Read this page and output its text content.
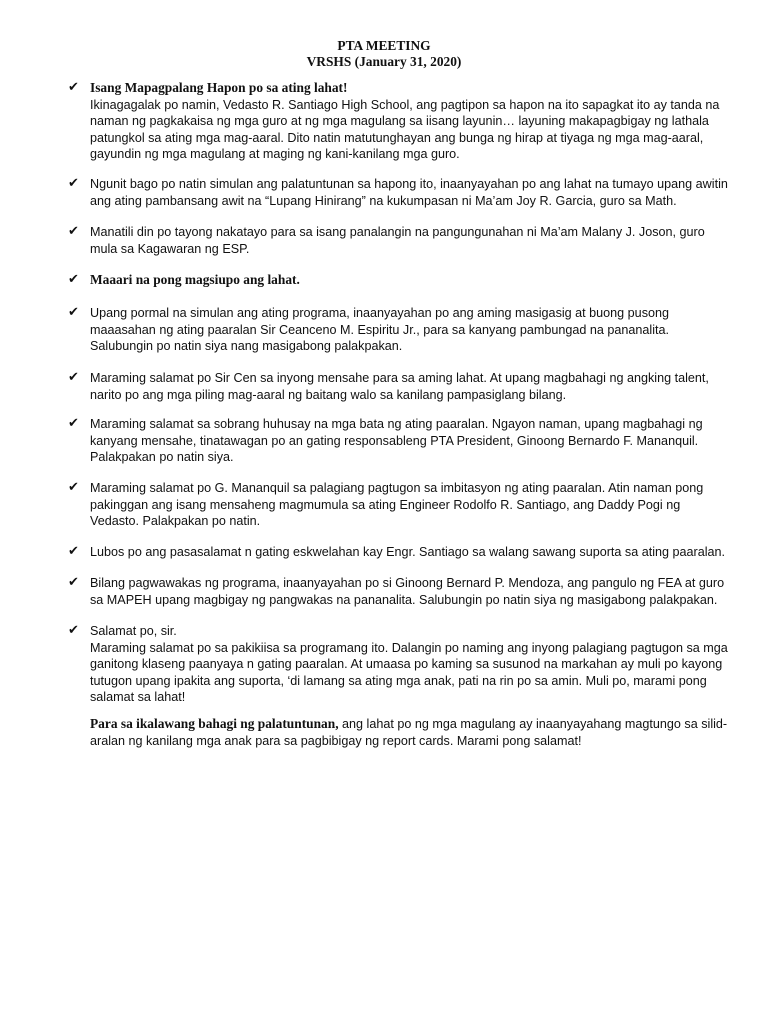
PTA MEETING
VRSHS (January 31, 2020)
✔ Isang Mapagpalang Hapon po sa ating lahat!

Ikinagagalak po namin, Vedasto R. Santiago High School, ang pagtipon sa hapon na ito sapagkat ito ay tanda na naman ng pagkakaisa ng mga guro at ng mga magulang sa iisang layunin… layuning makapagbigay ng lathala patungkol sa ating mga mag-aaral. Dito natin matutunghayan ang bunga ng hirap at tiyaga ng mga mag-aaral, gayundin ng mga magulang at maging ng kani-kanilang mga guro.

✔ Ngunit bago po natin simulan ang palatuntunan sa hapong ito, inaanyayahan po ang lahat na tumayo upang awitin ang ating pambansang awit na “Lupang Hinirang” na kukumpasan ni Ma’am Joy R. Garcia, guro sa Math.

✔ Manatili din po tayong nakatayo para sa isang panalangin na pangungunahan ni Ma’am Malany J. Joson, guro mula sa Kagawaran ng ESP.

✔ Maaari na pong magsiupo ang lahat.

✔ Upang pormal na simulan ang ating programa, inaanyayahan po ang aming masigasig at buong pusong maaasahan ng ating paaralan Sir Ceanceno M. Espiritu Jr., para sa kanyang pambungad na pananalita. Salubungin po natin siya nang masigabong palakpakan.

✔ Maraming salamat po Sir Cen sa inyong mensahe para sa aming lahat. At upang magbahagi ng angking talent, narito po ang mga piling mag-aaral ng baitang walo sa kanilang pampasiglang bilang.

✔ Maraming salamat sa sobrang huhusay na mga bata ng ating paaralan. Ngayon naman, upang magbahagi ng kanyang mensahe, tinatawagan po an gating responsableng PTA President, Ginoong Bernardo F. Mananquil. Palakpakan po natin siya.

✔ Maraming salamat po G. Mananquil sa palagiang pagtugon sa imbitasyon ng ating paaralan. Atin naman pong pakinggan ang isang mensaheng magmumula sa ating Engineer Rodolfo R. Santiago, ang Daddy Pogi ng Vedasto. Palakpakan po natin.

✔ Lubos po ang pasasalamat n gating eskwelahan kay Engr. Santiago sa walang sawang suporta sa ating paaralan.

✔ Bilang pagwawakas ng programa, inaanyayahan po si Ginoong Bernard P. Mendoza, ang pangulo ng FEA at guro sa MAPEH upang magbigay ng pangwakas na pananalita. Salubungin po natin siya ng masigabong palakpakan.

✔ Salamat po, sir.

Maraming salamat po sa pakikiisa sa programang ito. Dalangin po naming ang inyong palagiang pagtugon sa mga ganitong klaseng paanyaya n gating paaralan. At umaasa po kaming sa susunod na markahan ay muli po kayong tutugon upang ipakita ang suporta, ‘di lamang sa ating mga anak, pati na rin po sa amin. Muli po, marami pong salamat sa lahat!

Para sa ikalawang bahagi ng palatuntunan, ang lahat po ng mga magulang ay inaanyayahang magtungo sa silid-aralan ng kanilang mga anak para sa pagbibigay ng report cards. Marami pong salamat!
